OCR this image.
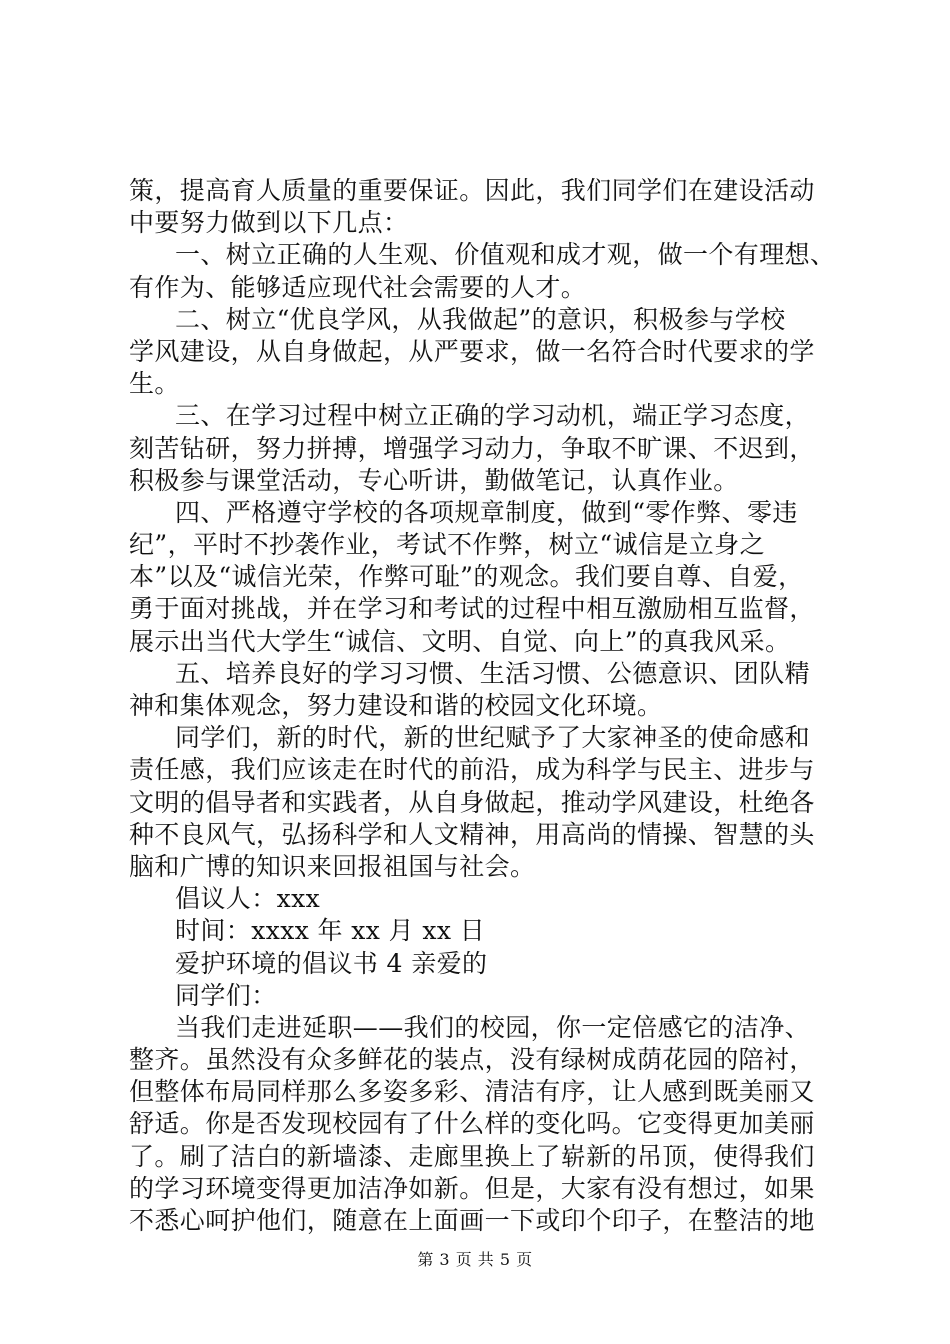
策，提高育人质量的重要保证。因此，我们同学们在建设活动
中要努力做到以下几点：
一、树立正确的人生观、价值观和成才观，做一个有理想、
有作为、能够适应现代社会需要的人才。
二、树立“优良学风，从我做起”的意识，积极参与学校
学风建设，从自身做起，从严要求，做一名符合时代要求的学
生。
三、在学习过程中树立正确的学习动机，端正学习态度，
刻苦钻研，努力拼搏，增强学习动力，争取不旷课、不迟到，
积极参与课堂活动，专心听讲，勤做笔记，认真作业。
四、严格遵守学校的各项规章制度，做到“零作弊、零违
纪”，平时不抄袭作业，考试不作弊，树立“诚信是立身之
本”以及“诚信光荣，作弊可耻”的观念。我们要自尊、自爱，
勇于面对挑战，并在学习和考试的过程中相互激励相互监督，
展示出当代大学生“诚信、文明、自觉、向上”的真我风采。
五、培养良好的学习习惯、生活习惯、公德意识、团队精
神和集体观念，努力建设和谐的校园文化环境。
同学们，新的时代，新的世纪赋予了大家神圣的使命感和
责任感，我们应该走在时代的前沿，成为科学与民主、进步与
文明的倡导者和实践者，从自身做起，推动学风建设，杜绝各
种不良风气，弘扬科学和人文精神，用高尚的情操、智慧的头
脑和广博的知识来回报祖国与社会。
倡议人：xxx
时间：xxxx 年 xx 月 xx 日
爱护环境的倡议书 4 亲爱的
同学们：
当我们走进延职——我们的校园，你一定倍感它的洁净、
整齐。虽然没有众多鲜花的装点，没有绿树成荫花园的陪衬，
但整体布局同样那么多姿多彩、清洁有序，让人感到既美丽又
舒适。你是否发现校园有了什么样的变化吗。它变得更加美丽
了。刷了洁白的新墙漆、走廊里换上了崭新的吊顶，使得我们
的学习环境变得更加洁净如新。但是，大家有没有想过，如果
不悉心呵护他们，随意在上面画一下或印个印子，在整洁的地
第 3 页 共 5 页
